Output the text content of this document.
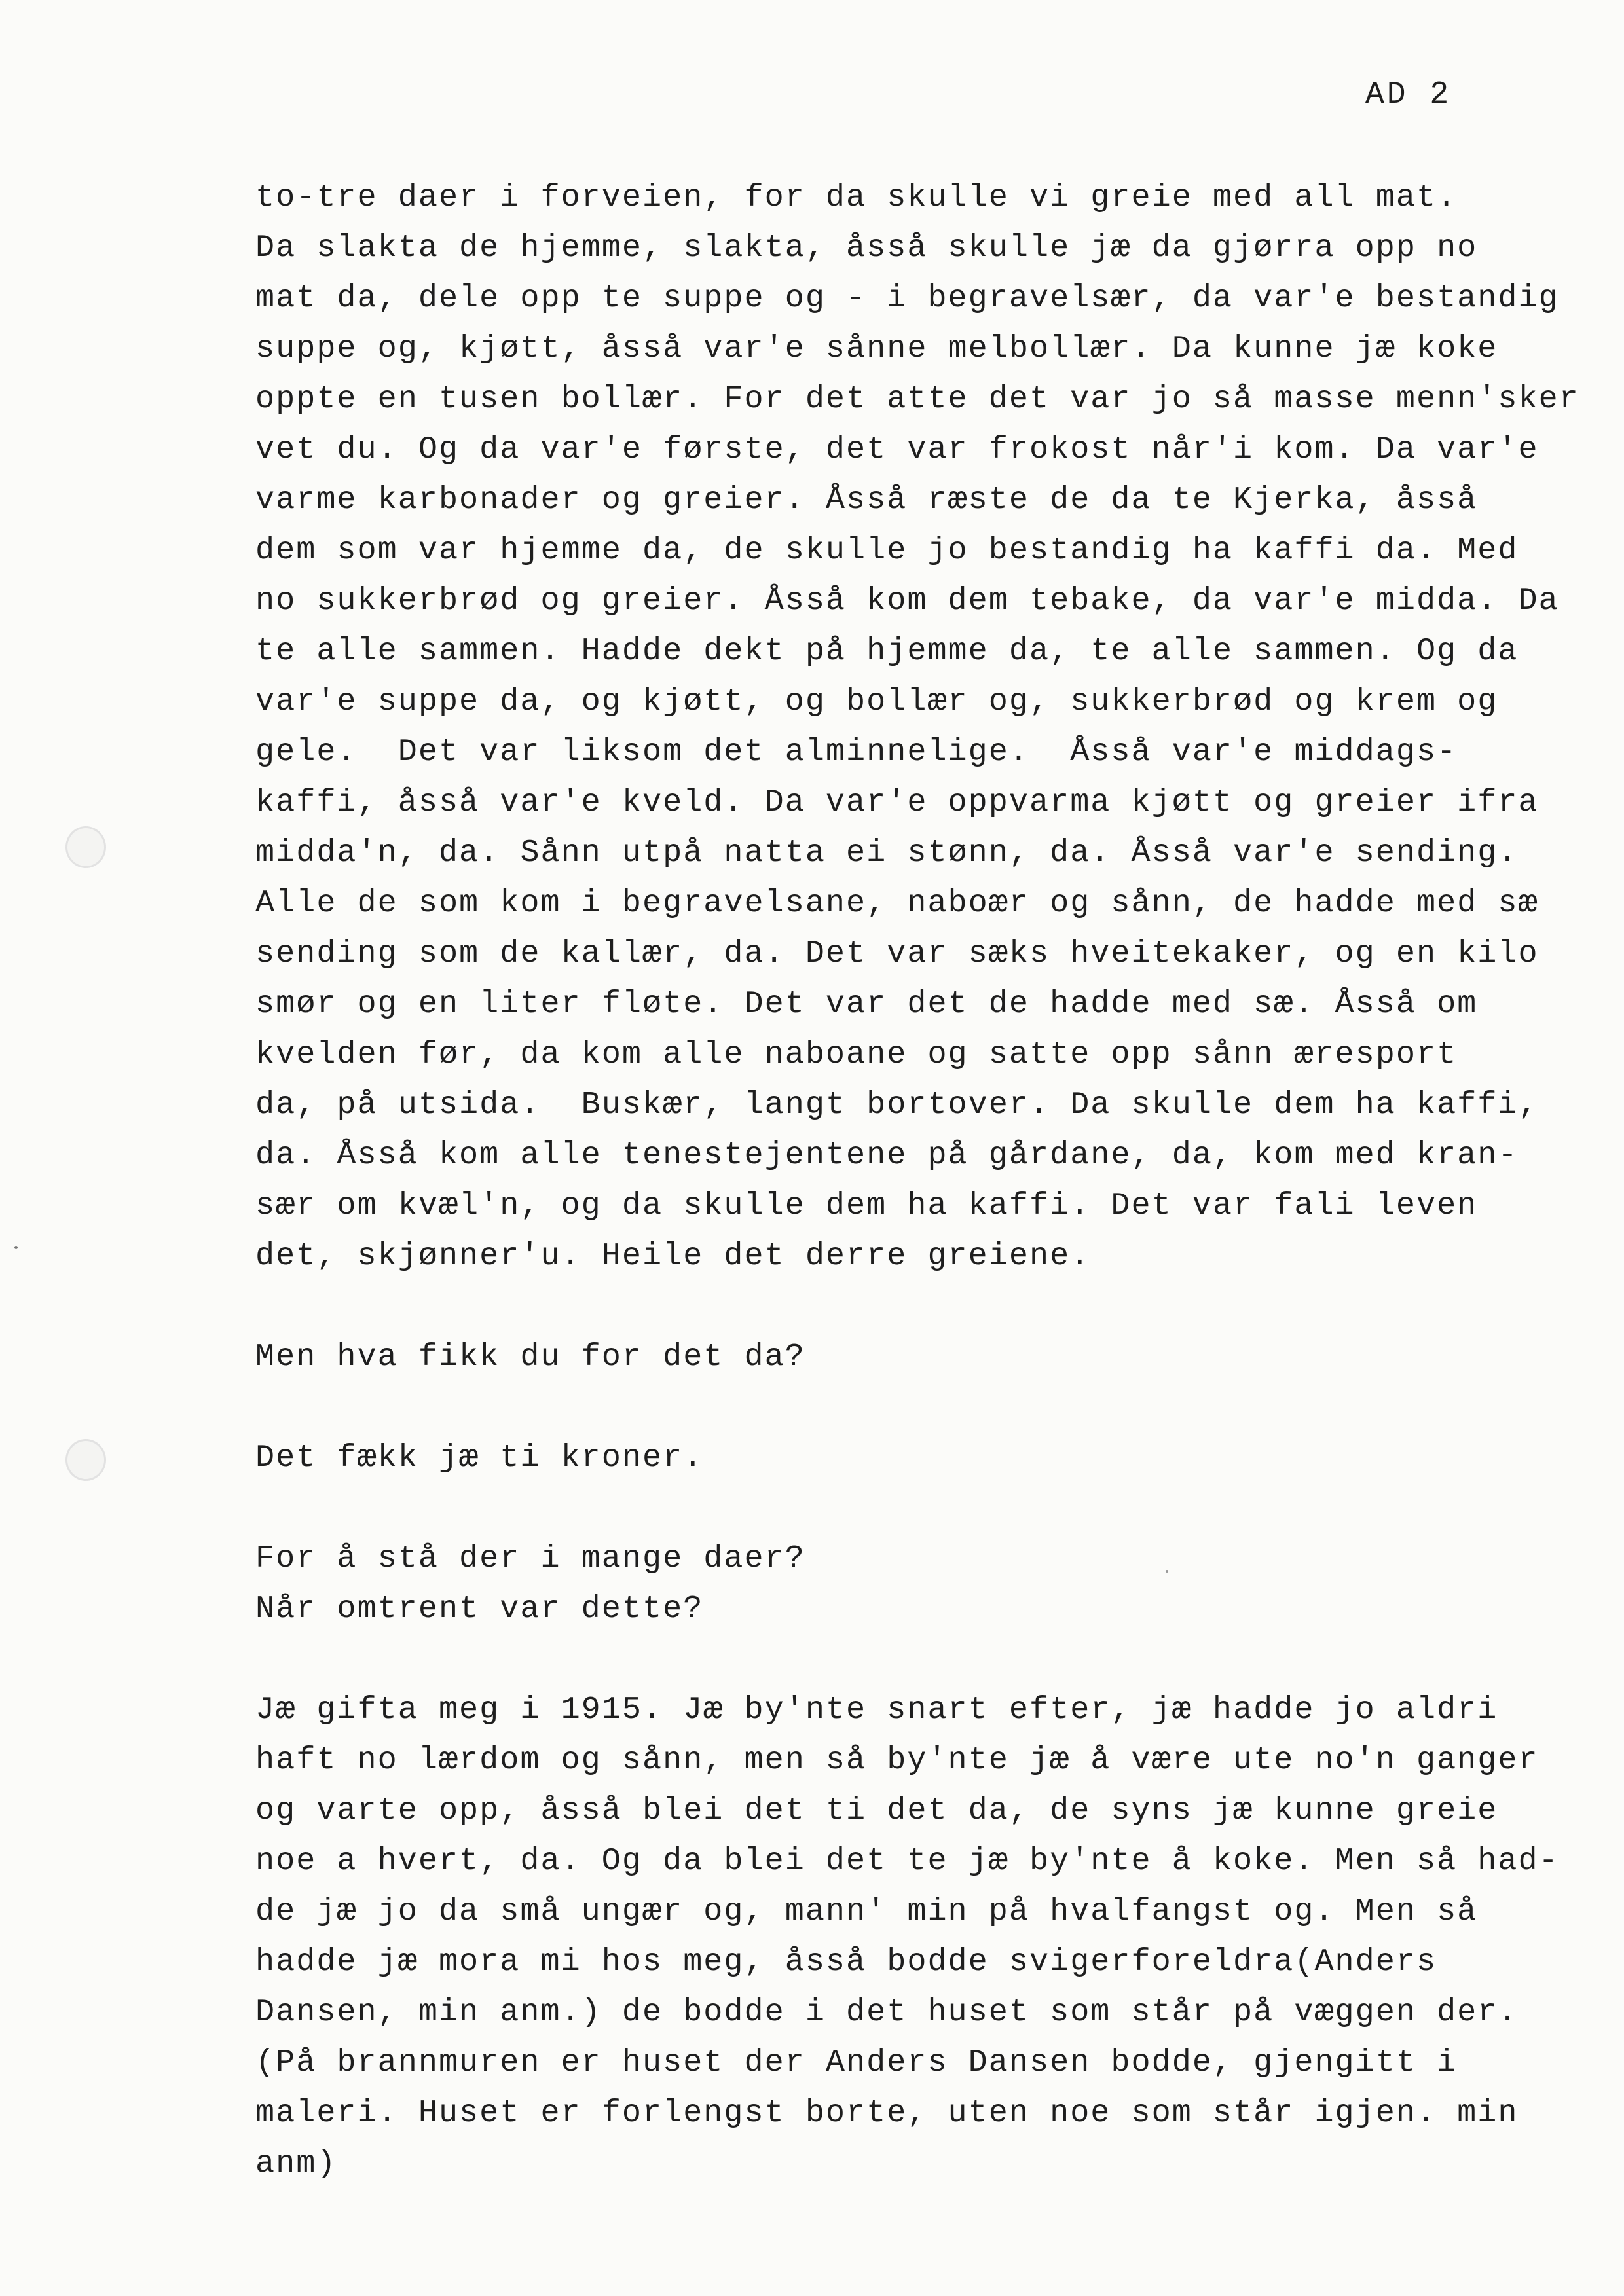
AD 2
to-tre daer i forveien, for da skulle vi greie med all mat.
Da slakta de hjemme, slakta, åsså skulle jæ da gjørra opp no
mat da, dele opp te suppe og - i begravelsær, da var'e bestandig
suppe og, kjøtt, åsså var'e sånne melbollær. Da kunne jæ koke
oppte en tusen bollær. For det atte det var jo så masse menn'sker
vet du. Og da var'e første, det var frokost når'i kom. Da var'e
varme karbonader og greier. Åsså ræste de da te Kjerka, åsså
dem som var hjemme da, de skulle jo bestandig ha kaffi da. Med
no sukkerbrød og greier. Åsså kom dem tebake, da var'e midda. Da
te alle sammen. Hadde dekt på hjemme da, te alle sammen. Og da
var'e suppe da, og kjøtt, og bollær og, sukkerbrød og krem og
gele.  Det var liksom det alminnelige.  Åsså var'e middags-
kaffi, åsså var'e kveld. Da var'e oppvarma kjøtt og greier ifra
midda'n, da. Sånn utpå natta ei stønn, da. Åsså var'e sending.
Alle de som kom i begravelsane, naboær og sånn, de hadde med sæ
sending som de kallær, da. Det var sæks hveitekaker, og en kilo
smør og en liter fløte. Det var det de hadde med sæ. Åsså om
kvelden før, da kom alle naboane og satte opp sånn æresport
da, på utsida.  Buskær, langt bortover. Da skulle dem ha kaffi,
da. Åsså kom alle tenestejentene på gårdane, da, kom med kran-
sær om kvæl'n, og da skulle dem ha kaffi. Det var fali leven
det, skjønner'u. Heile det derre greiene.
Men hva fikk du for det da?
Det fækk jæ ti kroner.
For å stå der i mange daer?
Når omtrent var dette?
Jæ gifta meg i 1915. Jæ by'nte snart efter, jæ hadde jo aldri
haft no lærdom og sånn, men så by'nte jæ å være ute no'n ganger
og varte opp, åsså blei det ti det da, de syns jæ kunne greie
noe a hvert, da. Og da blei det te jæ by'nte å koke. Men så had-
de jæ jo da små ungær og, mann' min på hvalfangst og. Men så
hadde jæ mora mi hos meg, åsså bodde svigerforeldra(Anders
Dansen, min anm.) de bodde i det huset som står på væggen der.
(På brannmuren er huset der Anders Dansen bodde, gjengitt i
maleri. Huset er forlengst borte, uten noe som står igjen. min
anm)
